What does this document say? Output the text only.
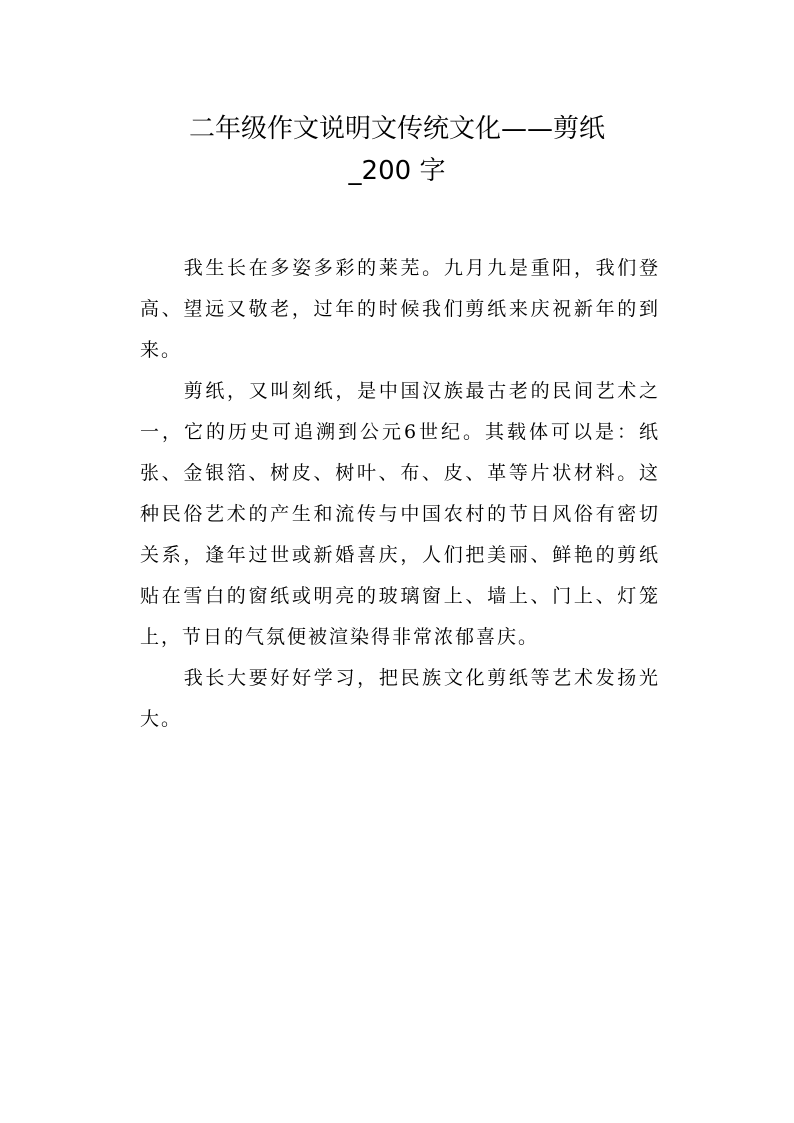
二年级作文说明文传统文化——剪纸
_200 字

我生长在多姿多彩的莱芜。九月九是重阳，我们登高、望远又敬老，过年的时候我们剪纸来庆祝新年的到来。

剪纸，又叫刻纸，是中国汉族最古老的民间艺术之一，它的历史可追溯到公元6世纪。其载体可以是：纸张、金银箔、树皮、树叶、布、皮、革等片状材料。这种民俗艺术的产生和流传与中国农村的节日风俗有密切关系，逢年过世或新婚喜庆，人们把美丽、鲜艳的剪纸贴在雪白的窗纸或明亮的玻璃窗上、墙上、门上、灯笼上，节日的气氛便被渲染得非常浓郁喜庆。

我长大要好好学习，把民族文化剪纸等艺术发扬光大。
